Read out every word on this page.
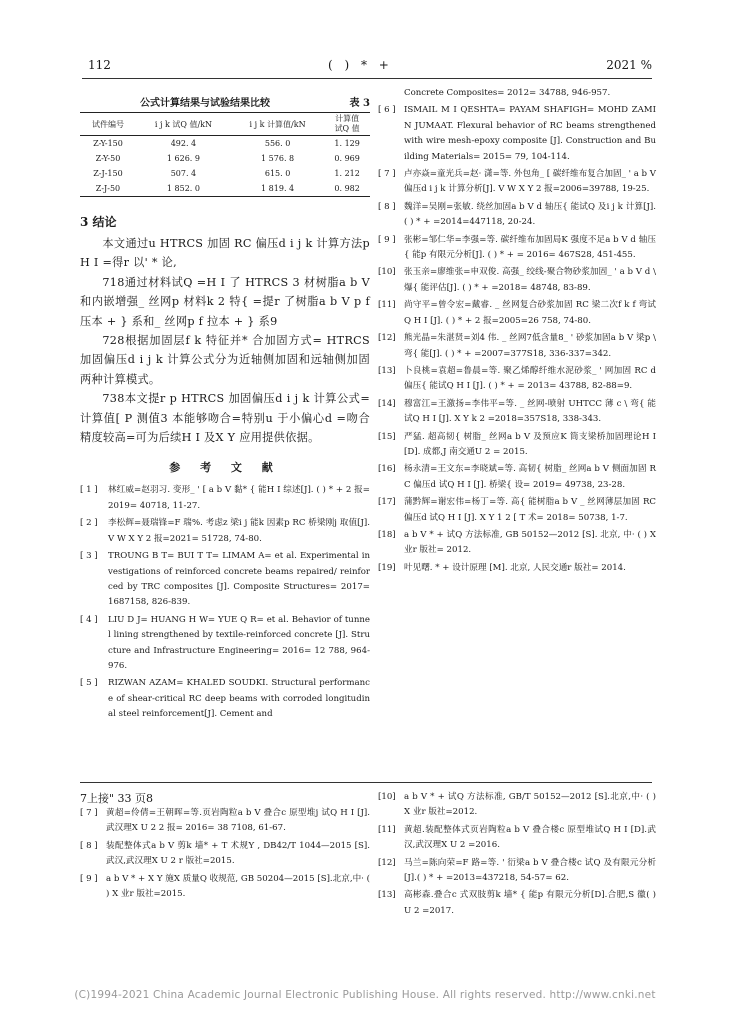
112	( ) * +	2021 %
公式计算结果与试验结果比较	表 3
试件编号	i j k 试Q 值/kN	i j k 计算值/kN	计算值
试Q 值
Z-Y-150	492. 4	556. 0	1. 129
Z-Y-50	1 626. 9	1 576. 8	0. 969
Z-J-150	507. 4	615. 0	1. 212
Z-J-50	1 852. 0	1 819. 4	0. 982
3 结论

本文通过u HTRCS 加固 RC 偏压d i j k 计算方法p H I =得r 以' * 论,

718通过材料试Q =H I 了 HTRCS 3 材树脂a b V 和内嵌增强_ 丝网p 材料k 2 特{ =提r 了树脂a b V p f 压本 + } 系和_ 丝网p f 拉本 + } 系9

728根据加固层f k 特征并* 合加固方式= HTRCS 加固偏压d i j k 计算公式分为近轴侧加固和远轴侧加固两种计算模式。

738本文提r p HTRCS 加固偏压d i j k 计算公式=计算值[ P 测值3 本能够吻合=特别u 于小偏心d =吻合精度较高=可为后续H I 及X Y 应用提供依据。

参 考 文 献
[ 1 ]	林红威=赵羽习. 变形_ ' [ a b V 黏* { 能H I 综述[J]. ( ) * + 2 报= 2019= 40718, 11-27.
[ 2 ]	李松辉=聂瑞锋=F 瑞%. 考虑z 梁i j 能k 因素p RC 桥梁刚j 取值[J]. V W X Y 2 报=2021= 51728, 74-80.
[ 3 ]	TROUNG B T= BUI T T= LIMAM A= et al. Experimental investigations of reinforced concrete beams repaired/ reinforced by TRC composites [J]. Composite Structures= 2017= 1687158, 826-839.
[ 4 ]	LIU D J= HUANG H W= YUE Q R= et al. Behavior of tunnel lining strengthened by textile-reinforced concrete [J]. Structure and Infrastructure Engineering= 2016= 12 788, 964-976.
[ 5 ]	RIZWAN AZAM= KHALED SOUDKI. Structural performance of shear-critical RC deep beams with corroded longitudinal steel reinforcement[J]. Cement and
Concrete Composites= 2012= 34788, 946-957.
[ 6 ] ISMAIL M I QESHTA= PAYAM SHAFIGH= MOHD ZAMIN JUMAAT. Flexural behavior of RC beams strengthened with wire mesh-epoxy composite [J]. Construction and Building Materials= 2015= 79, 104-114.
[ 7 ] 卢亦焱=童光兵=赵· 潇=等. 外包角_ [ 碳纤维布复合加固_ ' a b V 偏压d i j k 计算分析[J]. V W X Y 2 报=2006=39788, 19-25.
[ 8 ] 魏洋=吴刚=张敏. 绕丝加固a b V d 轴压{ 能试Q 及i j k 计算[J]. ( ) * + =2014=447118, 20-24.
[ 9 ] 张彬=邹仁华=李强=等. 碳纤维布加固局K 强度不足a b V d 轴压{ 能p 有限元分析[J]. ( ) * + = 2016= 467S28, 451-455.
[10] 张玉亲=廖维张=申双俊. 高强_ 绞线-聚合物砂浆加固_ ' a b V d \ 爆{ 能评估[J]. ( ) * + =2018= 48748, 83-89.
[11] 尚守平=曾令宏=戴睿. _ 丝网复合砂浆加固 RC 梁二次f k f 弯试Q H I [J]. ( ) * + 2 报=2005=26 758, 74-80.
[12] 熊光晶=朱湛贤=刘4 伟. _ 丝网7低含量8_ ' 砂浆加固a b V 梁p \ 弯{ 能[J]. ( ) * + =2007=377S18, 336-337=342.
[13] 卜良桃=袁超=鲁晨=等. 聚乙烯醇纤维水泥砂浆_ ' 网加固 RC d 偏压{ 能试Q H I [J]. ( ) * + = 2013= 43788, 82-88=9.
[14] 穆富江=王激扬=李伟平=等. _ 丝网-喷射 UHTCC 薄 c \ 弯{ 能试Q H I [J]. X Y k 2 =2018=357S18, 338-343.
[15] 严猛. 超高韧{ 树脂_ 丝网a b V 及预应K 筒支梁桥加固理论H I [D]. 成都,J 南交通U 2 = 2015.
[16] 杨永清=王文东=李晓斌=等. 高韧{ 树脂_ 丝网a b V 侧面加固 RC 偏压d 试Q H I [J]. 桥梁{ 设= 2019= 49738, 23-28.
[17] 蒲黔辉=谢宏伟=杨丁=等. 高{ 能树脂a b V _ 丝网薄层加固 RC 偏压d 试Q H I [J]. X Y 1 2 [ T 术= 2018= 50738, 1-7.
[18] a b V * + 试Q 方法标准, GB 50152—2012 [S]. 北京, 中· ( ) X 业r 版社= 2012.
[19] 叶见曙. * + 设计原理 [M]. 北京, 人民交通r 版社= 2014.
7上接" 33 页8
[ 7 ] 黄超=伶倩=王朝晖=等.页岩陶粒a b V 叠合c 原型堆j 试Q H I [J].武汉理X U 2 2 报= 2016= 38 7108, 61-67.
[ 8 ] 装配整体式a b V 剪k 墙* + T 术规Y , DB42/T 1044—2015 [S].武汉,武汉理X U 2 r 版社=2015.
[ 9 ] a b V * + X Y 施X 质量Q 收规范, GB 50204—2015 [S].北京,中· ( ) X 业r 版社=2015.
[10] a b V * + 试Q 方法标准, GB/T 50152—2012 [S].北京,中· ( ) X 业r 版社=2012.
[11] 黄超.装配整体式页岩陶粒a b V 叠合楼c 原型堆试Q H I [D].武汉,武汉理X U 2 =2016.
[12] 马兰=陈向荣=F 路=等. ' 衍梁a b V 叠合楼c 试Q 及有限元分析[J].( ) * + =2013=437218, 54-57= 62.
[13] 高彬森.叠合c 式双肢剪k 墙* { 能p 有限元分析[D].合肥,S 徽( ) U 2 =2017.
(C)1994-2021 China Academic Journal Electronic Publishing House. All rights reserved. http://www.cnki.net
